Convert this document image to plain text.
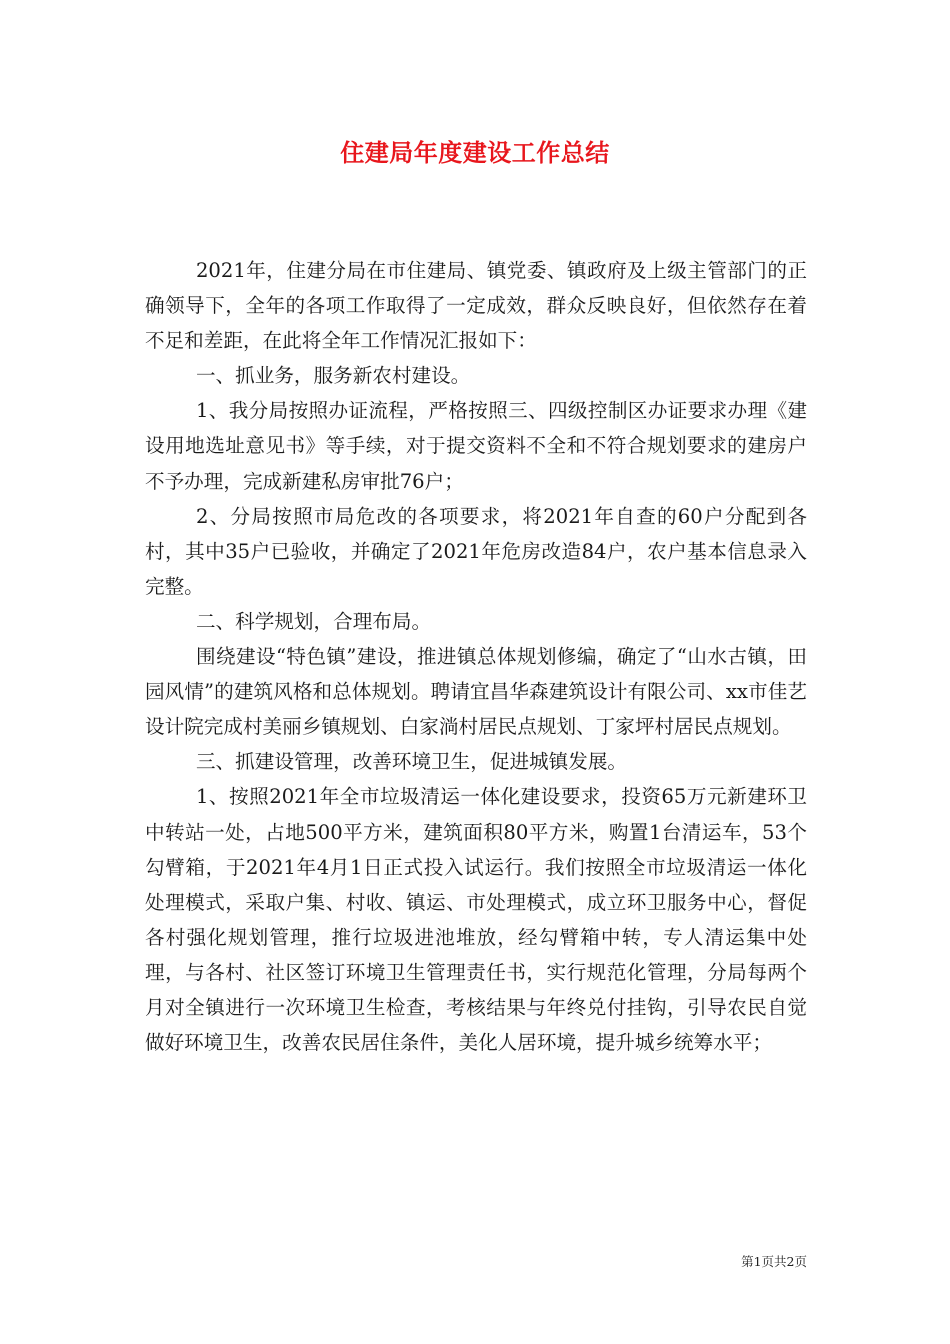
住建局年度建设工作总结

2021年，住建分局在市住建局、镇党委、镇政府及上级主管部门的正确领导下，全年的各项工作取得了一定成效，群众反映良好，但依然存在着不足和差距，在此将全年工作情况汇报如下：

一、抓业务，服务新农村建设。

1、我分局按照办证流程，严格按照三、四级控制区办证要求办理《建设用地选址意见书》等手续，对于提交资料不全和不符合规划要求的建房户不予办理，完成新建私房审批76户；

2、分局按照市局危改的各项要求，将2021年自查的60户分配到各村，其中35户已验收，并确定了2021年危房改造84户，农户基本信息录入完整。

二、科学规划，合理布局。

围绕建设“特色镇”建设，推进镇总体规划修编，确定了“山水古镇，田园风情”的建筑风格和总体规划。聘请宜昌华森建筑设计有限公司、xx市佳艺设计院完成村美丽乡镇规划、白家淌村居民点规划、丁家坪村居民点规划。

三、抓建设管理，改善环境卫生，促进城镇发展。

1、按照2021年全市垃圾清运一体化建设要求，投资65万元新建环卫中转站一处，占地500平方米，建筑面积80平方米，购置1台清运车，53个勾臂箱，于2021年4月1日正式投入试运行。我们按照全市垃圾清运一体化处理模式，采取户集、村收、镇运、市处理模式，成立环卫服务中心，督促各村强化规划管理，推行垃圾进池堆放，经勾臂箱中转，专人清运集中处理，与各村、社区签订环境卫生管理责任书，实行规范化管理，分局每两个月对全镇进行一次环境卫生检查，考核结果与年终兑付挂钩，引导农民自觉做好环境卫生，改善农民居住条件，美化人居环境，提升城乡统筹水平；

第1页共2页
